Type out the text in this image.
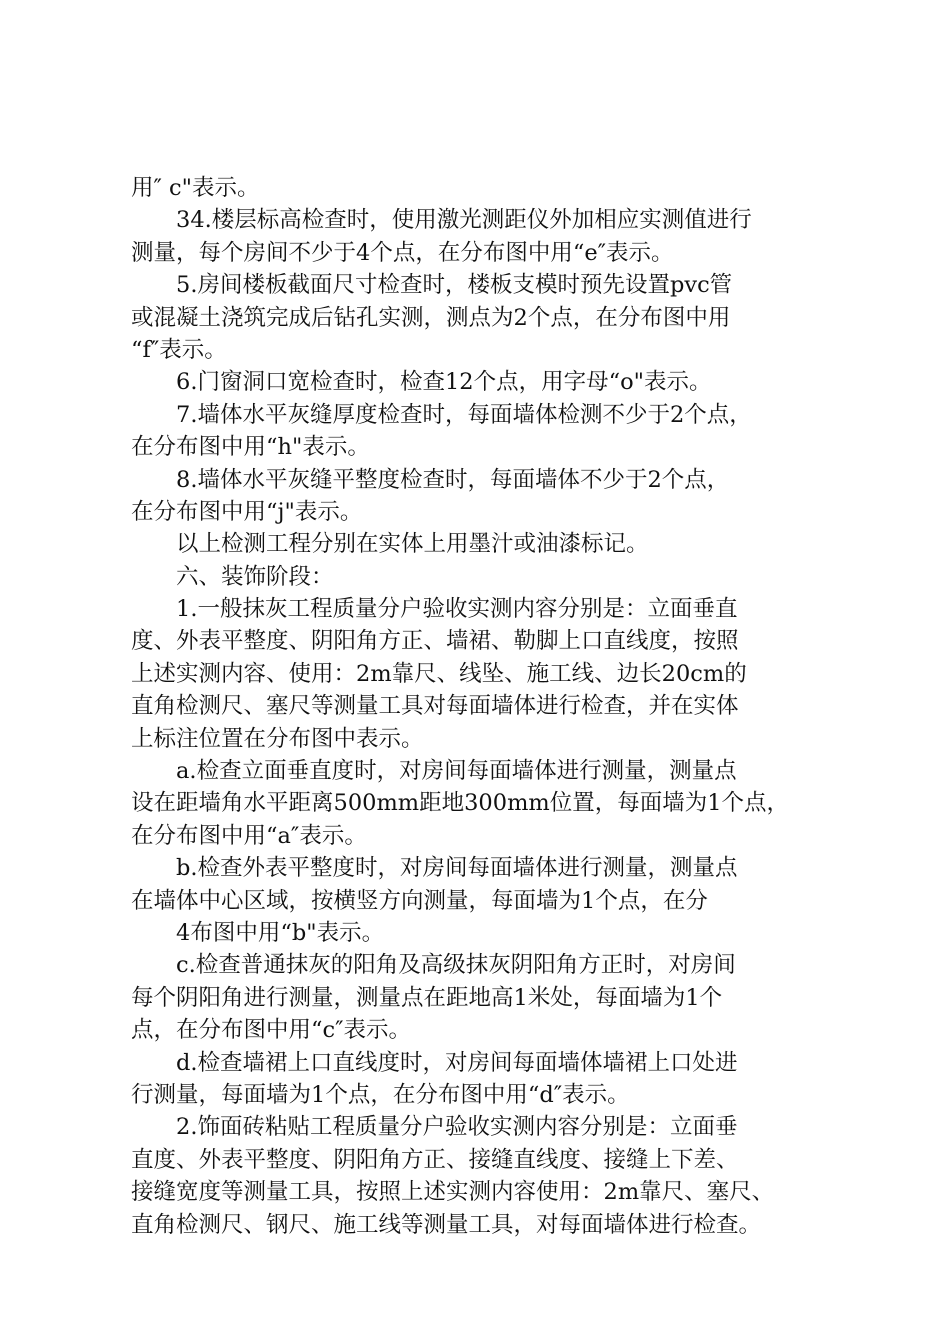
用″ c"表示。
34.楼层标高检查时，使用激光测距仪外加相应实测值进行
测量，每个房间不少于4个点，在分布图中用“e″表示。
5.房间楼板截面尺寸检查时，楼板支模时预先设置pvc管
或混凝土浇筑完成后钻孔实测，测点为2个点，在分布图中用
“f″表示。
6.门窗洞口宽检查时，检查12个点，用字母“o"表示。
7.墙体水平灰缝厚度检查时，每面墙体检测不少于2个点，
在分布图中用“h"表示。
8.墙体水平灰缝平整度检查时，每面墙体不少于2个点，
在分布图中用“j"表示。
以上检测工程分别在实体上用墨汁或油漆标记。
六、装饰阶段：
1.一般抹灰工程质量分户验收实测内容分别是：立面垂直
度、外表平整度、阴阳角方正、墙裙、勒脚上口直线度，按照
上述实测内容、使用：2m靠尺、线坠、施工线、边长20cm的
直角检测尺、塞尺等测量工具对每面墙体进行检查，并在实体
上标注位置在分布图中表示。
a.检查立面垂直度时，对房间每面墙体进行测量，测量点
设在距墙角水平距离500mm距地300mm位置，每面墙为1个点，
在分布图中用“a″表示。
b.检查外表平整度时，对房间每面墙体进行测量，测量点
在墙体中心区域，按横竖方向测量，每面墙为1个点，在分
4布图中用“b"表示。
c.检查普通抹灰的阳角及高级抹灰阴阳角方正时，对房间
每个阴阳角进行测量，测量点在距地高1米处，每面墙为1个
点，在分布图中用“c″表示。
d.检查墙裙上口直线度时，对房间每面墙体墙裙上口处进
行测量，每面墙为1个点，在分布图中用“d″表示。
2.饰面砖粘贴工程质量分户验收实测内容分别是：立面垂
直度、外表平整度、阴阳角方正、接缝直线度、接缝上下差、
接缝宽度等测量工具，按照上述实测内容使用：2m靠尺、塞尺、
直角检测尺、钢尺、施工线等测量工具，对每面墙体进行检查。
